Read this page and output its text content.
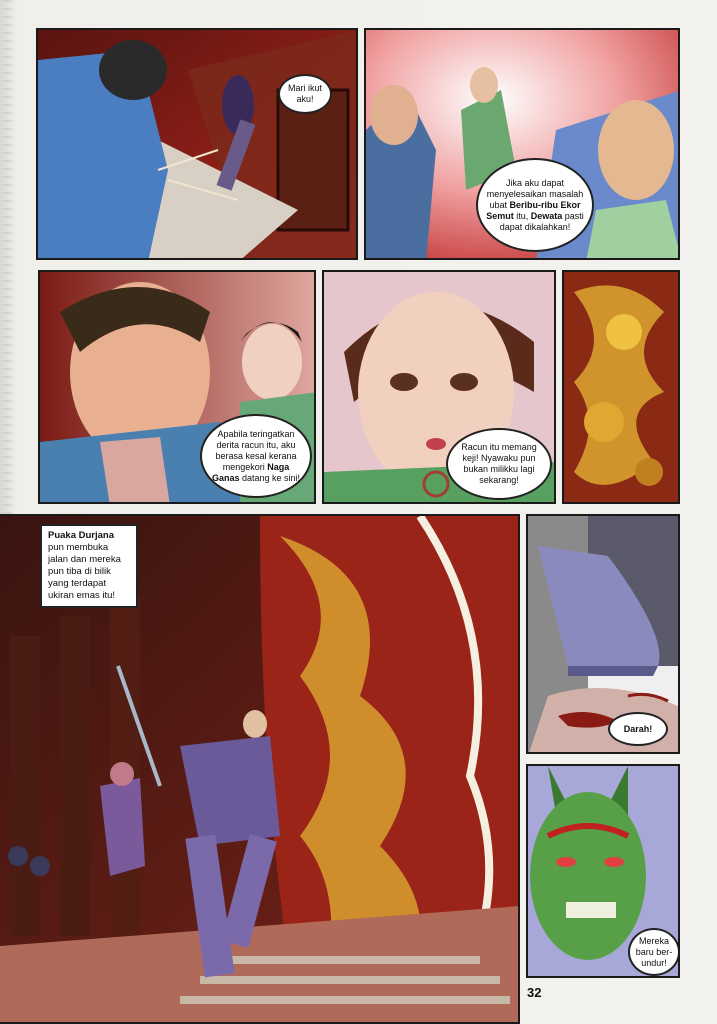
Mari ikut aku!
Jika aku dapat menyelesaikan masalah ubat Beribu-ribu Ekor Semut itu, Dewata pasti dapat dikalahkan!
Apabila teringatkan derita racun itu, aku berasa kesal kerana mengekori Naga Ganas datang ke sini!
Racun itu memang keji! Nyawaku pun bukan milikku lagi sekarang!
Puaka Durjana pun membuka jalan dan mereka pun tiba di bilik yang terdapat ukiran emas itu!
Darah!
Mereka baru ber-undur!
32
